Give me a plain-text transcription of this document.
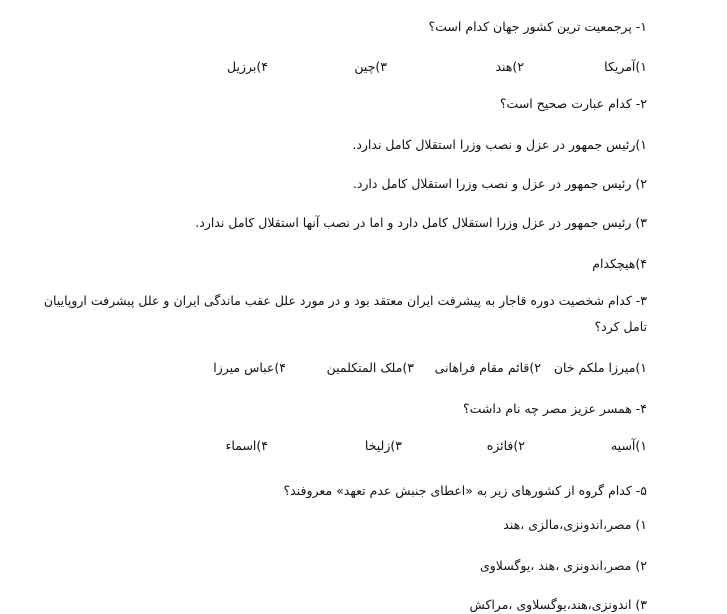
۱- پرجمعیت ترین کشور جهان کدام است؟
۱)آمریکا
۲)هند
۳)چین
۴)برزیل
۲- کدام عبارت صحیح است؟
۱)رئیس جمهور در عزل و نصب وزرا استقلال کامل ندارد.
۲) رئیس جمهور در عزل و نصب وزرا استقلال کامل دارد.
۳) رئیس جمهور در عزل وزرا استقلال کامل دارد و اما در نصب آنها استقلال کامل ندارد.
۴)هیچکدام
۳- کدام شخصیت دوره قاجار به پیشرفت ایران معتقد بود و در مورد علل عقب ماندگی ایران و علل پیشرفت اروپاییان
تامل کرد؟
۱)میرزا ملکم خان
۲)قائم مقام فراهانی
۳)ملک المتکلمین
۴)عباس میرزا
۴- همسر عزیز مصر چه نام داشت؟
۱)آسیه
۲)فائزه
۳)زلیخا
۴)اسماء
۵- کدام گروه از کشورهای زیر به «اعطای جنبش عدم تعهد» معروفند؟
۱) مصر،اندونزی،مالزی ،هند
۲) مصر،اندونزی ،هند ،یوگسلاوی
۳) اندونزی،هند،یوگسلاوی ،مراکش
